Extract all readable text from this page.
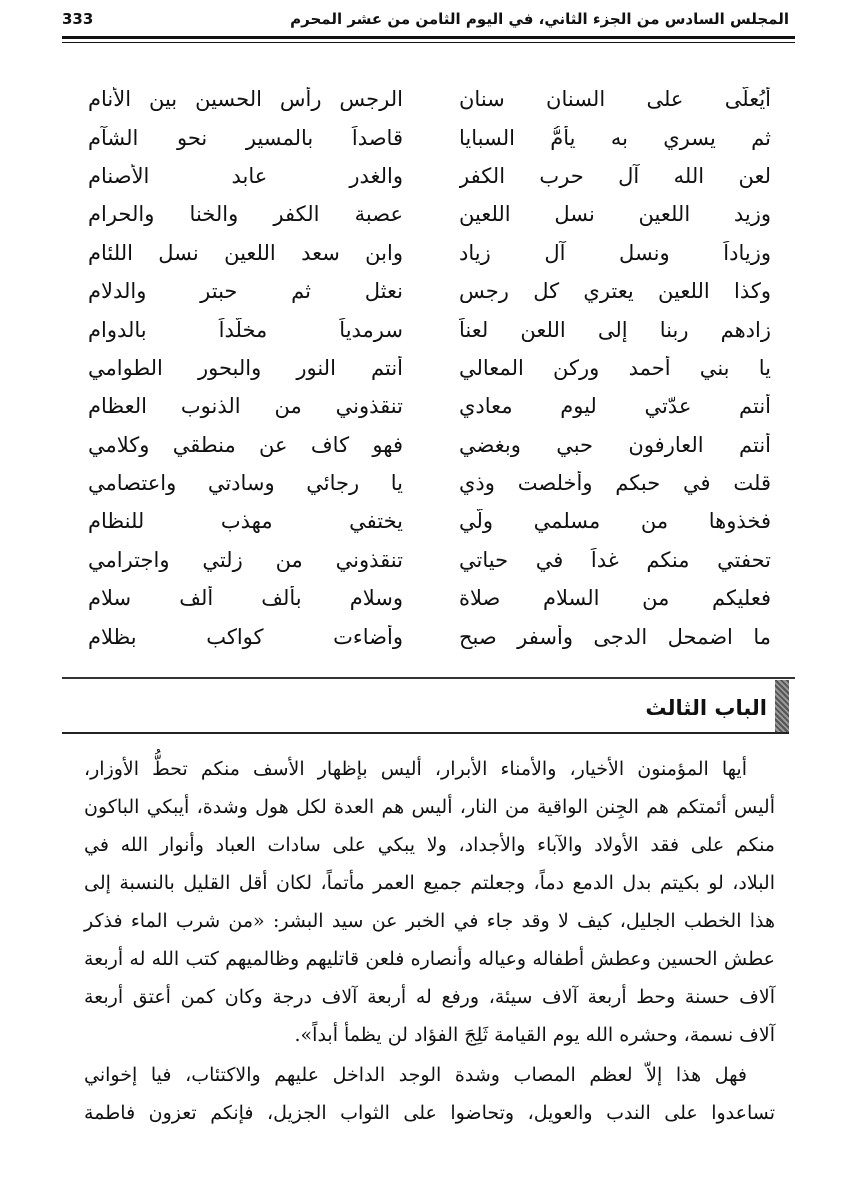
المجلس السادس من الجزء الثاني، في اليوم الثامن من عشر المحرم
333
أيُعلَّى على السنان سنان
الرجس رأس الحسين بين الأنام
ثم يسري به يأمُّ السبايا
قاصداً بالمسير نحو الشآم
لعن الله آل حرب الكفر
والغدر عابد الأصنام
وزيد اللعين نسل اللعين
عصبة الكفر والخنا والحرام
وزياداً ونسل آل زياد
وابن سعد اللعين نسل اللئام
وكذا اللعين يعتري كل رجس
نعثل ثم حبتر والدلام
زادهم ربنا إلى اللعن لعناً
سرمدياً مخلَّداً بالدوام
يا بني أحمد وركن المعالي
أنتم النور والبحور الطوامي
أنتم عدّتي ليوم معادي
تنقذوني من الذنوب العظام
أنتم العارفون حبي وبغضي
فهو كاف عن منطقي وكلامي
قلت في حبكم وأخلصت وذي
يا رجائي وسادتي واعتصامي
فخذوها من مسلمي ولّي
يختفي مهذب للنظام
تحفتي منكم غداً في حياتي
تنقذوني من زلتي واجترامي
فعليكم من السلام صلاة
وسلام بألف ألف سلام
ما اضمحل الدجى وأسفر صبح
وأضاءت كواكب بظلام
الباب الثالث
أيها المؤمنون الأخيار، والأمناء الأبرار، أليس بإظهار الأسف منكم تحطُّ الأوزار،
أليس أئمتكم هم الجِنن الواقية من النار، أليس هم العدة لكل هول وشدة، أيبكي الباكون
منكم على فقد الأولاد والآباء والأجداد، ولا يبكي على سادات العباد وأنوار الله في
البلاد، لو بكيتم بدل الدمع دماً، وجعلتم جميع العمر مأتماً، لكان أقل القليل بالنسبة إلى
هذا الخطب الجليل، كيف لا وقد جاء في الخبر عن سيد البشر: «من شرب الماء فذكر
عطش الحسين وعطش أطفاله وعياله وأنصاره فلعن قاتليهم وظالميهم كتب الله له أربعة
آلاف حسنة وحط أربعة آلاف سيئة، ورفع له أربعة آلاف درجة وكان كمن أعتق أربعة
آلاف نسمة، وحشره الله يوم القيامة ثَلِجَ الفؤاد لن يظمأ أبداً».
فهل هذا إلاّ لعظم المصاب وشدة الوجد الداخل عليهم والاكتئاب، فيا إخواني
تساعدوا على الندب والعويل، وتحاضوا على الثواب الجزيل، فإنكم تعزون فاطمة
